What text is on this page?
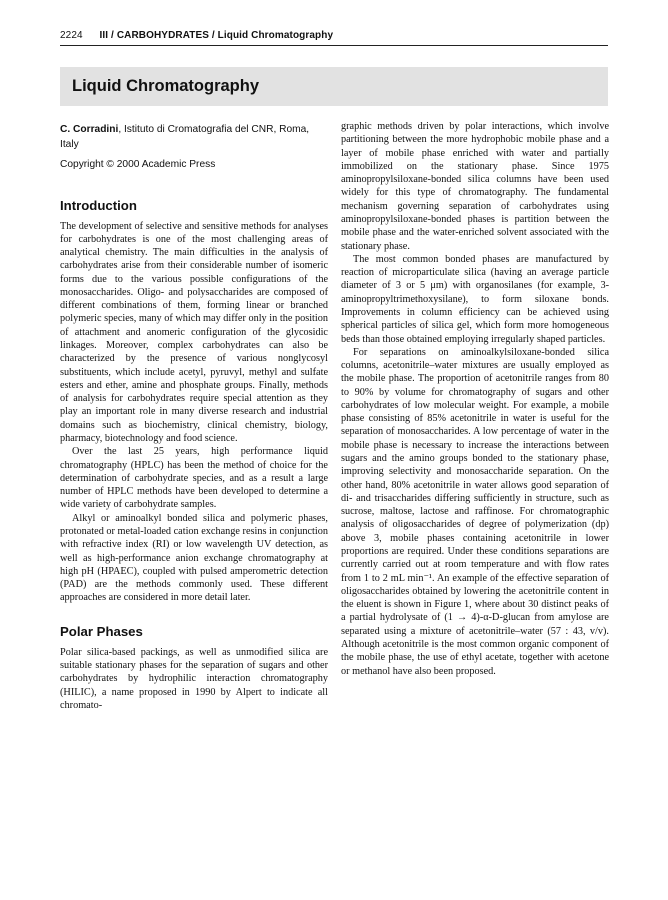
2224 III / CARBOHYDRATES / Liquid Chromatography
Liquid Chromatography
C. Corradini, Istituto di Cromatografia del CNR, Roma, Italy
Copyright © 2000 Academic Press
Introduction

The development of selective and sensitive methods for analyses for carbohydrates is one of the most challenging areas of analytical chemistry. The main difficulties in the analysis of carbohydrates arise from their considerable number of isomeric forms due to the various possible configurations of the monosaccharides. Oligo- and polysaccharides are composed of different combinations of them, forming linear or branched polymeric species, many of which may differ only in the position of attachment and anomeric configuration of the glycosidic linkages. Moreover, complex carbohydrates can also be characterized by the presence of various nonglycosyl substituents, which include acetyl, pyruvyl, methyl and sulfate esters and ether, amine and phosphate groups. Finally, methods of analysis for carbohydrates require special attention as they play an important role in many diverse research and industrial domains such as biochemistry, clinical chemistry, biology, pharmacy, biotechnology and food science.

Over the last 25 years, high performance liquid chromatography (HPLC) has been the method of choice for the determination of carbohydrate species, and as a result a large number of HPLC methods have been developed to determine a wide variety of carbohydrate samples.

Alkyl or aminoalkyl bonded silica and polymeric phases, protonated or metal-loaded cation exchange resins in conjunction with refractive index (RI) or low wavelength UV detection, as well as high-performance anion exchange chromatography at high pH (HPAEC), coupled with pulsed amperometric detection (PAD) are the methods commonly used. These different approaches are considered in more detail later.

Polar Phases

Polar silica-based packings, as well as unmodified silica are suitable stationary phases for the separation of sugars and other carbohydrates by hydrophilic interaction chromatography (HILIC), a name proposed in 1990 by Alpert to indicate all chromato-

graphic methods driven by polar interactions, which involve partitioning between the more hydrophobic mobile phase and a layer of mobile phase enriched with water and partially immobilized on the stationary phase. Since 1975 aminopropylsiloxane-bonded silica columns have been used widely for this type of chromatography. The fundamental mechanism governing separation of carbohydrates using aminopropylsiloxane-bonded phases is partition between the mobile phase and the water-enriched solvent associated with the stationary phase.

The most common bonded phases are manufactured by reaction of microparticulate silica (having an average particle diameter of 3 or 5 μm) with organosilanes (for example, 3-aminopropyltrimethoxysilane), to form siloxane bonds. Improvements in column efficiency can be achieved using spherical particles of silica gel, which form more homogeneous beds than those obtained employing irregularly shaped particles.

For separations on aminoalkylsiloxane-bonded silica columns, acetonitrile–water mixtures are usually employed as the mobile phase. The proportion of acetonitrile ranges from 80 to 90% by volume for chromatography of sugars and other carbohydrates of low molecular weight. For example, a mobile phase consisting of 85% acetonitrile in water is useful for the separation of monosaccharides. A low percentage of water in the mobile phase is necessary to increase the interactions between sugars and the amino groups bonded to the stationary phase, improving selectivity and monosaccharide separation. On the other hand, 80% acetonitrile in water allows good separation of di- and trisaccharides differing sufficiently in structure, such as sucrose, maltose, lactose and raffinose. For chromatographic analysis of oligosaccharides of degree of polymerization (dp) above 3, mobile phases containing acetonitrile in lower proportions are required. Under these conditions separations are currently carried out at room temperature and with flow rates from 1 to 2 mL min⁻¹. An example of the effective separation of oligosaccharides obtained by lowering the acetonitrile content in the eluent is shown in Figure 1, where about 30 distinct peaks of a partial hydrolysate of (1 → 4)-α-D-glucan from amylose are separated using a mixture of acetonitrile–water (57 : 43, v/v). Although acetonitrile is the most common organic component of the mobile phase, the use of ethyl acetate, together with acetone or methanol have also been proposed.
